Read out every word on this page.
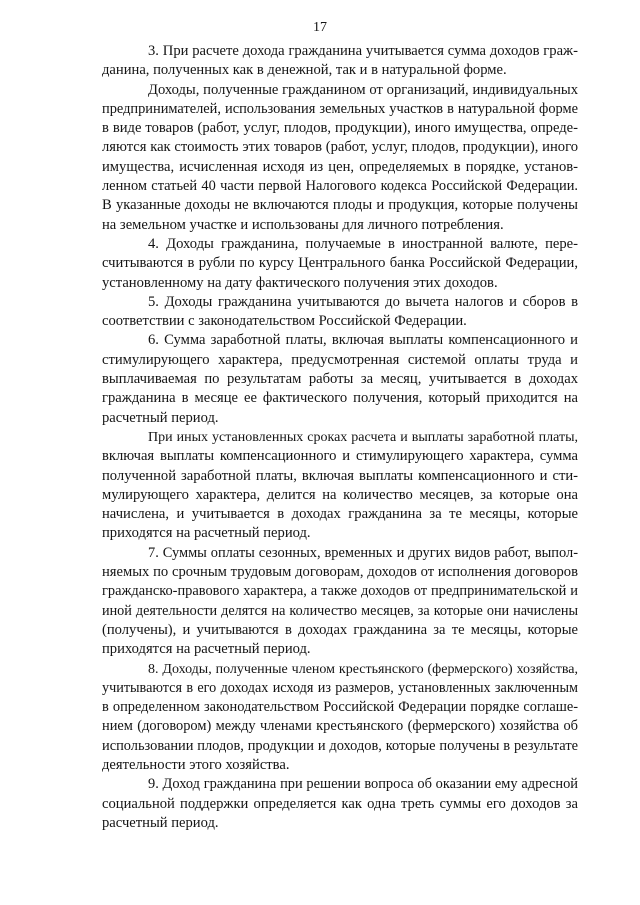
17
3. При расчете дохода гражданина учитывается сумма доходов граж-
данина, полученных как в денежной, так и в натуральной форме.
Доходы, полученные гражданином от организаций, индивидуальных
предпринимателей, использования земельных участков в натуральной форме
в виде товаров (работ, услуг, плодов, продукции), иного имущества, опреде-
ляются как стоимость этих товаров (работ, услуг, плодов, продукции), иного
имущества, исчисленная исходя из цен, определяемых в порядке, установ-
ленном статьей 40 части первой Налогового кодекса Российской Федерации.
В указанные доходы не включаются плоды и продукция, которые получены
на земельном участке и использованы для личного потребления.
4. Доходы гражданина, получаемые в иностранной валюте, пере-
считываются в рубли по курсу Центрального банка Российской Федерации,
установленному на дату фактического получения этих доходов.
5. Доходы гражданина учитываются до вычета налогов и сборов в
соответствии с законодательством Российской Федерации.
6. Сумма заработной платы, включая выплаты компенсационного и
стимулирующего характера, предусмотренная системой оплаты труда и
выплачиваемая по результатам работы за месяц, учитывается в доходах
гражданина в месяце ее фактического получения, который приходится на
расчетный период.
При иных установленных сроках расчета и выплаты заработной платы,
включая выплаты компенсационного и стимулирующего характера, сумма
полученной заработной платы, включая выплаты компенсационного и сти-
мулирующего характера, делится на количество месяцев, за которые она
начислена, и учитывается в доходах гражданина за те месяцы, которые
приходятся на расчетный период.
7. Суммы оплаты сезонных, временных и других видов работ, выпол-
няемых по срочным трудовым договорам, доходов от исполнения договоров
гражданско-правового характера, а также доходов от предпринимательской и
иной деятельности делятся на количество месяцев, за которые они начислены
(получены), и учитываются в доходах гражданина за те месяцы, которые
приходятся на расчетный период.
8. Доходы, полученные членом крестьянского (фермерского) хозяйства,
учитываются в его доходах исходя из размеров, установленных заключенным
в определенном законодательством Российской Федерации порядке соглаше-
нием (договором) между членами крестьянского (фермерского) хозяйства об
использовании плодов, продукции и доходов, которые получены в результате
деятельности этого хозяйства.
9. Доход гражданина при решении вопроса об оказании ему адресной
социальной поддержки определяется как одна треть суммы его доходов за
расчетный период.
